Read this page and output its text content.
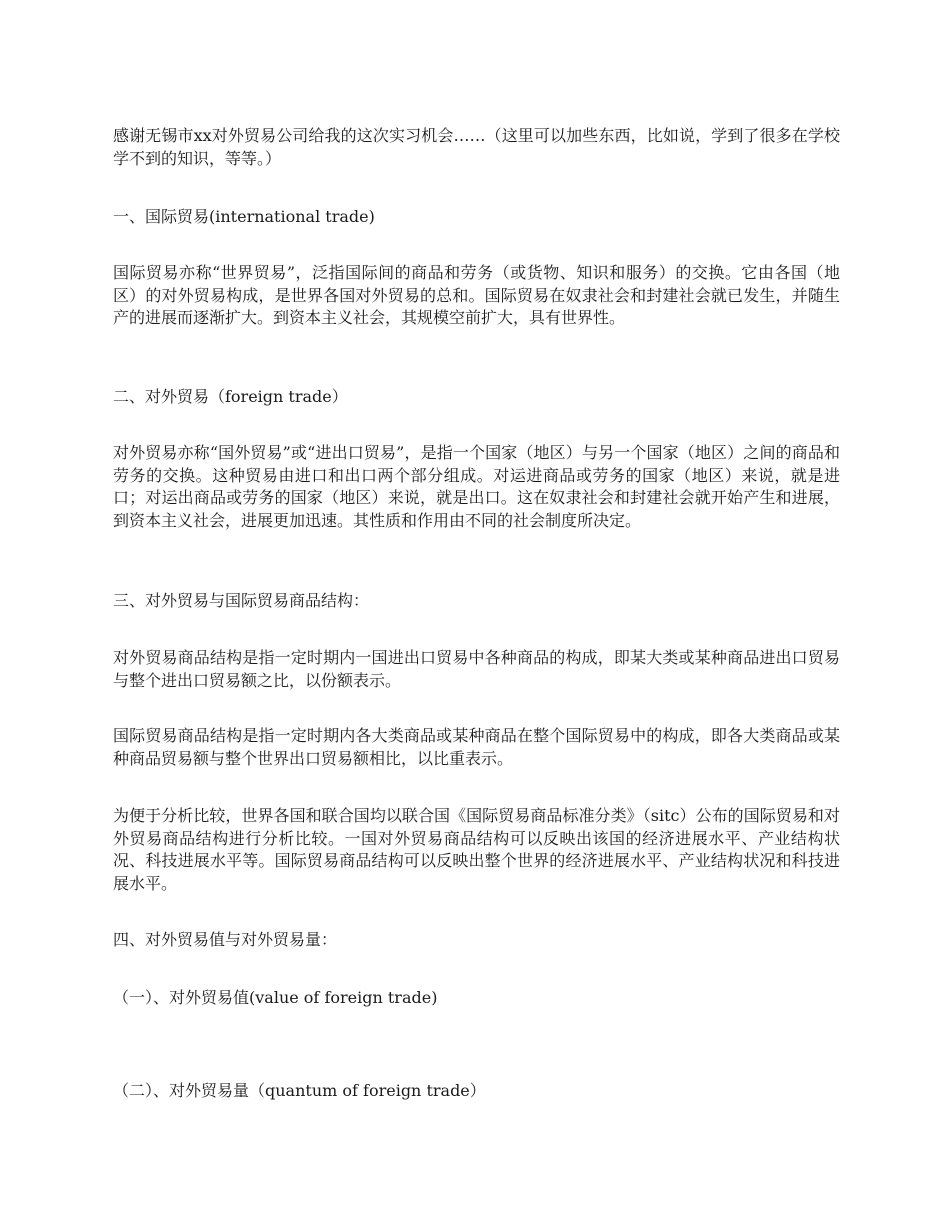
感谢无锡市xx对外贸易公司给我的这次实习机会……（这里可以加些东西，比如说，学到了很多在学校学不到的知识，等等。）

一、国际贸易(international trade)

国际贸易亦称“世界贸易”，泛指国际间的商品和劳务（或货物、知识和服务）的交换。它由各国（地区）的对外贸易构成，是世界各国对外贸易的总和。国际贸易在奴隶社会和封建社会就已发生，并随生产的进展而逐渐扩大。到资本主义社会，其规模空前扩大，具有世界性。

二、对外贸易（foreign trade）

对外贸易亦称“国外贸易”或“进出口贸易”，是指一个国家（地区）与另一个国家（地区）之间的商品和劳务的交换。这种贸易由进口和出口两个部分组成。对运进商品或劳务的国家（地区）来说，就是进口；对运出商品或劳务的国家（地区）来说，就是出口。这在奴隶社会和封建社会就开始产生和进展，到资本主义社会，进展更加迅速。其性质和作用由不同的社会制度所决定。

三、对外贸易与国际贸易商品结构：

对外贸易商品结构是指一定时期内一国进出口贸易中各种商品的构成，即某大类或某种商品进出口贸易与整个进出口贸易额之比，以份额表示。

国际贸易商品结构是指一定时期内各大类商品或某种商品在整个国际贸易中的构成，即各大类商品或某种商品贸易额与整个世界出口贸易额相比，以比重表示。

为便于分析比较，世界各国和联合国均以联合国《国际贸易商品标准分类》（sitc）公布的国际贸易和对外贸易商品结构进行分析比较。一国对外贸易商品结构可以反映出该国的经济进展水平、产业结构状况、科技进展水平等。国际贸易商品结构可以反映出整个世界的经济进展水平、产业结构状况和科技进展水平。

四、对外贸易值与对外贸易量：

（一）、对外贸易值(value of foreign trade)

（二）、对外贸易量（quantum of foreign trade）
